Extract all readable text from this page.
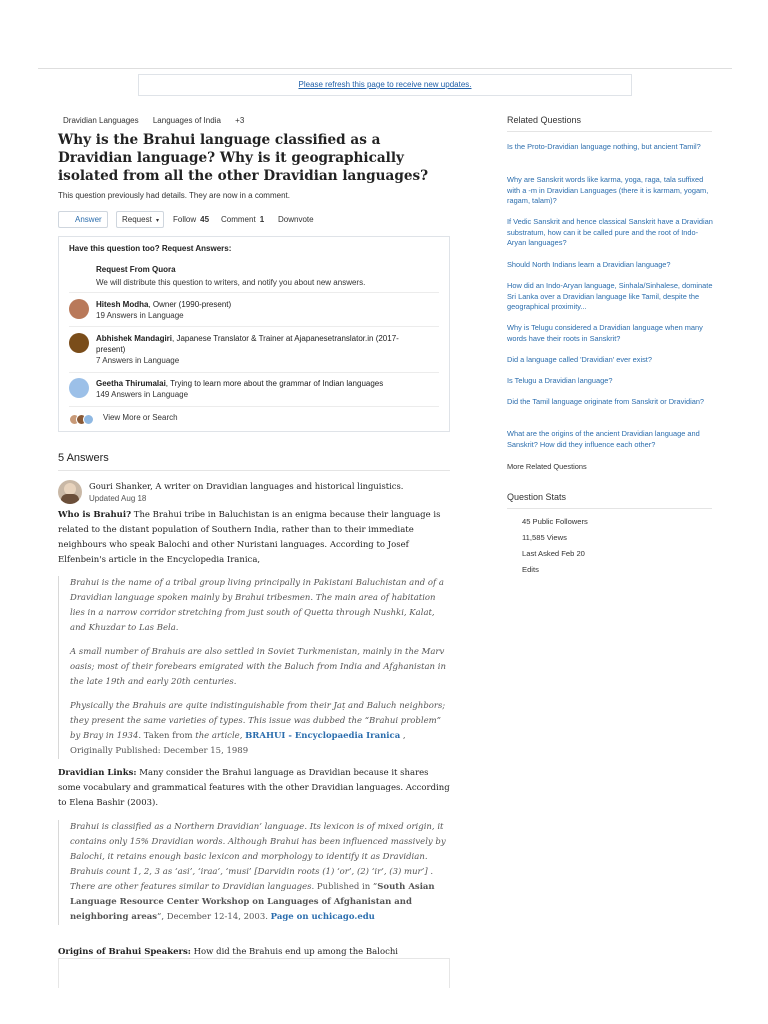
Please refresh this page to receive new updates.
Dravidian Languages Languages of India +3
Why is the Brahui language classified as a Dravidian language? Why is it geographically isolated from all the other Dravidian languages?
This question previously had details. They are now in a comment.
Answer	Request ▾	Follow 45 Comment 1 Downvote
Have this question too? Request Answers:
Request From Quora
We will distribute this question to writers, and notify you about new answers.
Hitesh Modha, Owner (1990-present)
19 Answers in Language
Abhishek Mandagiri, Japanese Translator & Trainer at Ajapanesetranslator.in (2017-present)
7 Answers in Language
Geetha Thirumalai, Trying to learn more about the grammar of Indian languages
149 Answers in Language
View More or Search
5 Answers
Gouri Shanker, A writer on Dravidian languages and historical linguistics.
Updated Aug 18
Who is Brahui? The Brahui tribe in Baluchistan is an enigma because their language is related to the distant population of Southern India, rather than to their immediate neighbours who speak Balochi and other Nuristani languages. According to Josef Elfenbein's article in the Encyclopedia Iranica,

Brahui is the name of a tribal group living principally in Pakistani Baluchistan and of a Dravidian language spoken mainly by Brahui tribesmen. The main area of habitation lies in a narrow corridor stretching from just south of Quetta through Nushki, Kalat, and Khuzdar to Las Bela.

A small number of Brahuis are also settled in Soviet Turkmenistan, mainly in the Marv oasis; most of their forebears emigrated with the Baluch from India and Afghanistan in the late 19th and early 20th centuries.

Physically the Brahuis are quite indistinguishable from their Jaṭ and Baluch neighbors; they present the same varieties of types. This issue was dubbed the “Brahui problem” by Bray in 1934. Taken from the article, BRAHUI - Encyclopaedia Iranica , Originally Published: December 15, 1989

Dravidian Links: Many consider the Brahui language as Dravidian because it shares some vocabulary and grammatical features with the other Dravidian languages. According to Elena Bashir (2003).

Brahui is classified as a Northern Dravidian’ language. Its lexicon is of mixed origin, it contains only 15% Dravidian words. Although Brahui has been influenced massively by Balochi, it retains enough basic lexicon and morphology to identify it as Dravidian. Brahuis count 1, 2, 3 as ‘asi’, ‘iraa’, ‘musi’ [Darvidin roots (1) ‘or’, (2) ‘ir’, (3) mur’] . There are other features similar to Dravidian languages. Published in ”South Asian Language Resource Center Workshop on Languages of Afghanistan and neighboring areas”, December 12-14, 2003. Page on uchicago.edu

Origins of Brahui Speakers: How did the Brahuis end up among the Balochi
Related Questions
Is the Proto-Dravidian language nothing, but ancient Tamil?
Why are Sanskrit words like karma, yoga, raga, tala suffixed with a -m in Dravidian Languages (there it is karmam, yogam, ragam, talam)?
If Vedic Sanskrit and hence classical Sanskrit have a Dravidian substratum, how can it be called pure and the root of Indo-Aryan languages?
Should North Indians learn a Dravidian language?
How did an Indo-Aryan language, Sinhala/Sinhalese, dominate Sri Lanka over a Dravidian language like Tamil, despite the geographical proximity...
Why is Telugu considered a Dravidian language when many words have their roots in Sanskrit?
Did a language called 'Dravidian' ever exist?
Is Telugu a Dravidian language?
Did the Tamil language originate from Sanskrit or Dravidian?
What are the origins of the ancient Dravidian language and Sanskrit? How did they influence each other?
More Related Questions
Question Stats
45 Public Followers
11,585 Views
Last Asked Feb 20
Edits
